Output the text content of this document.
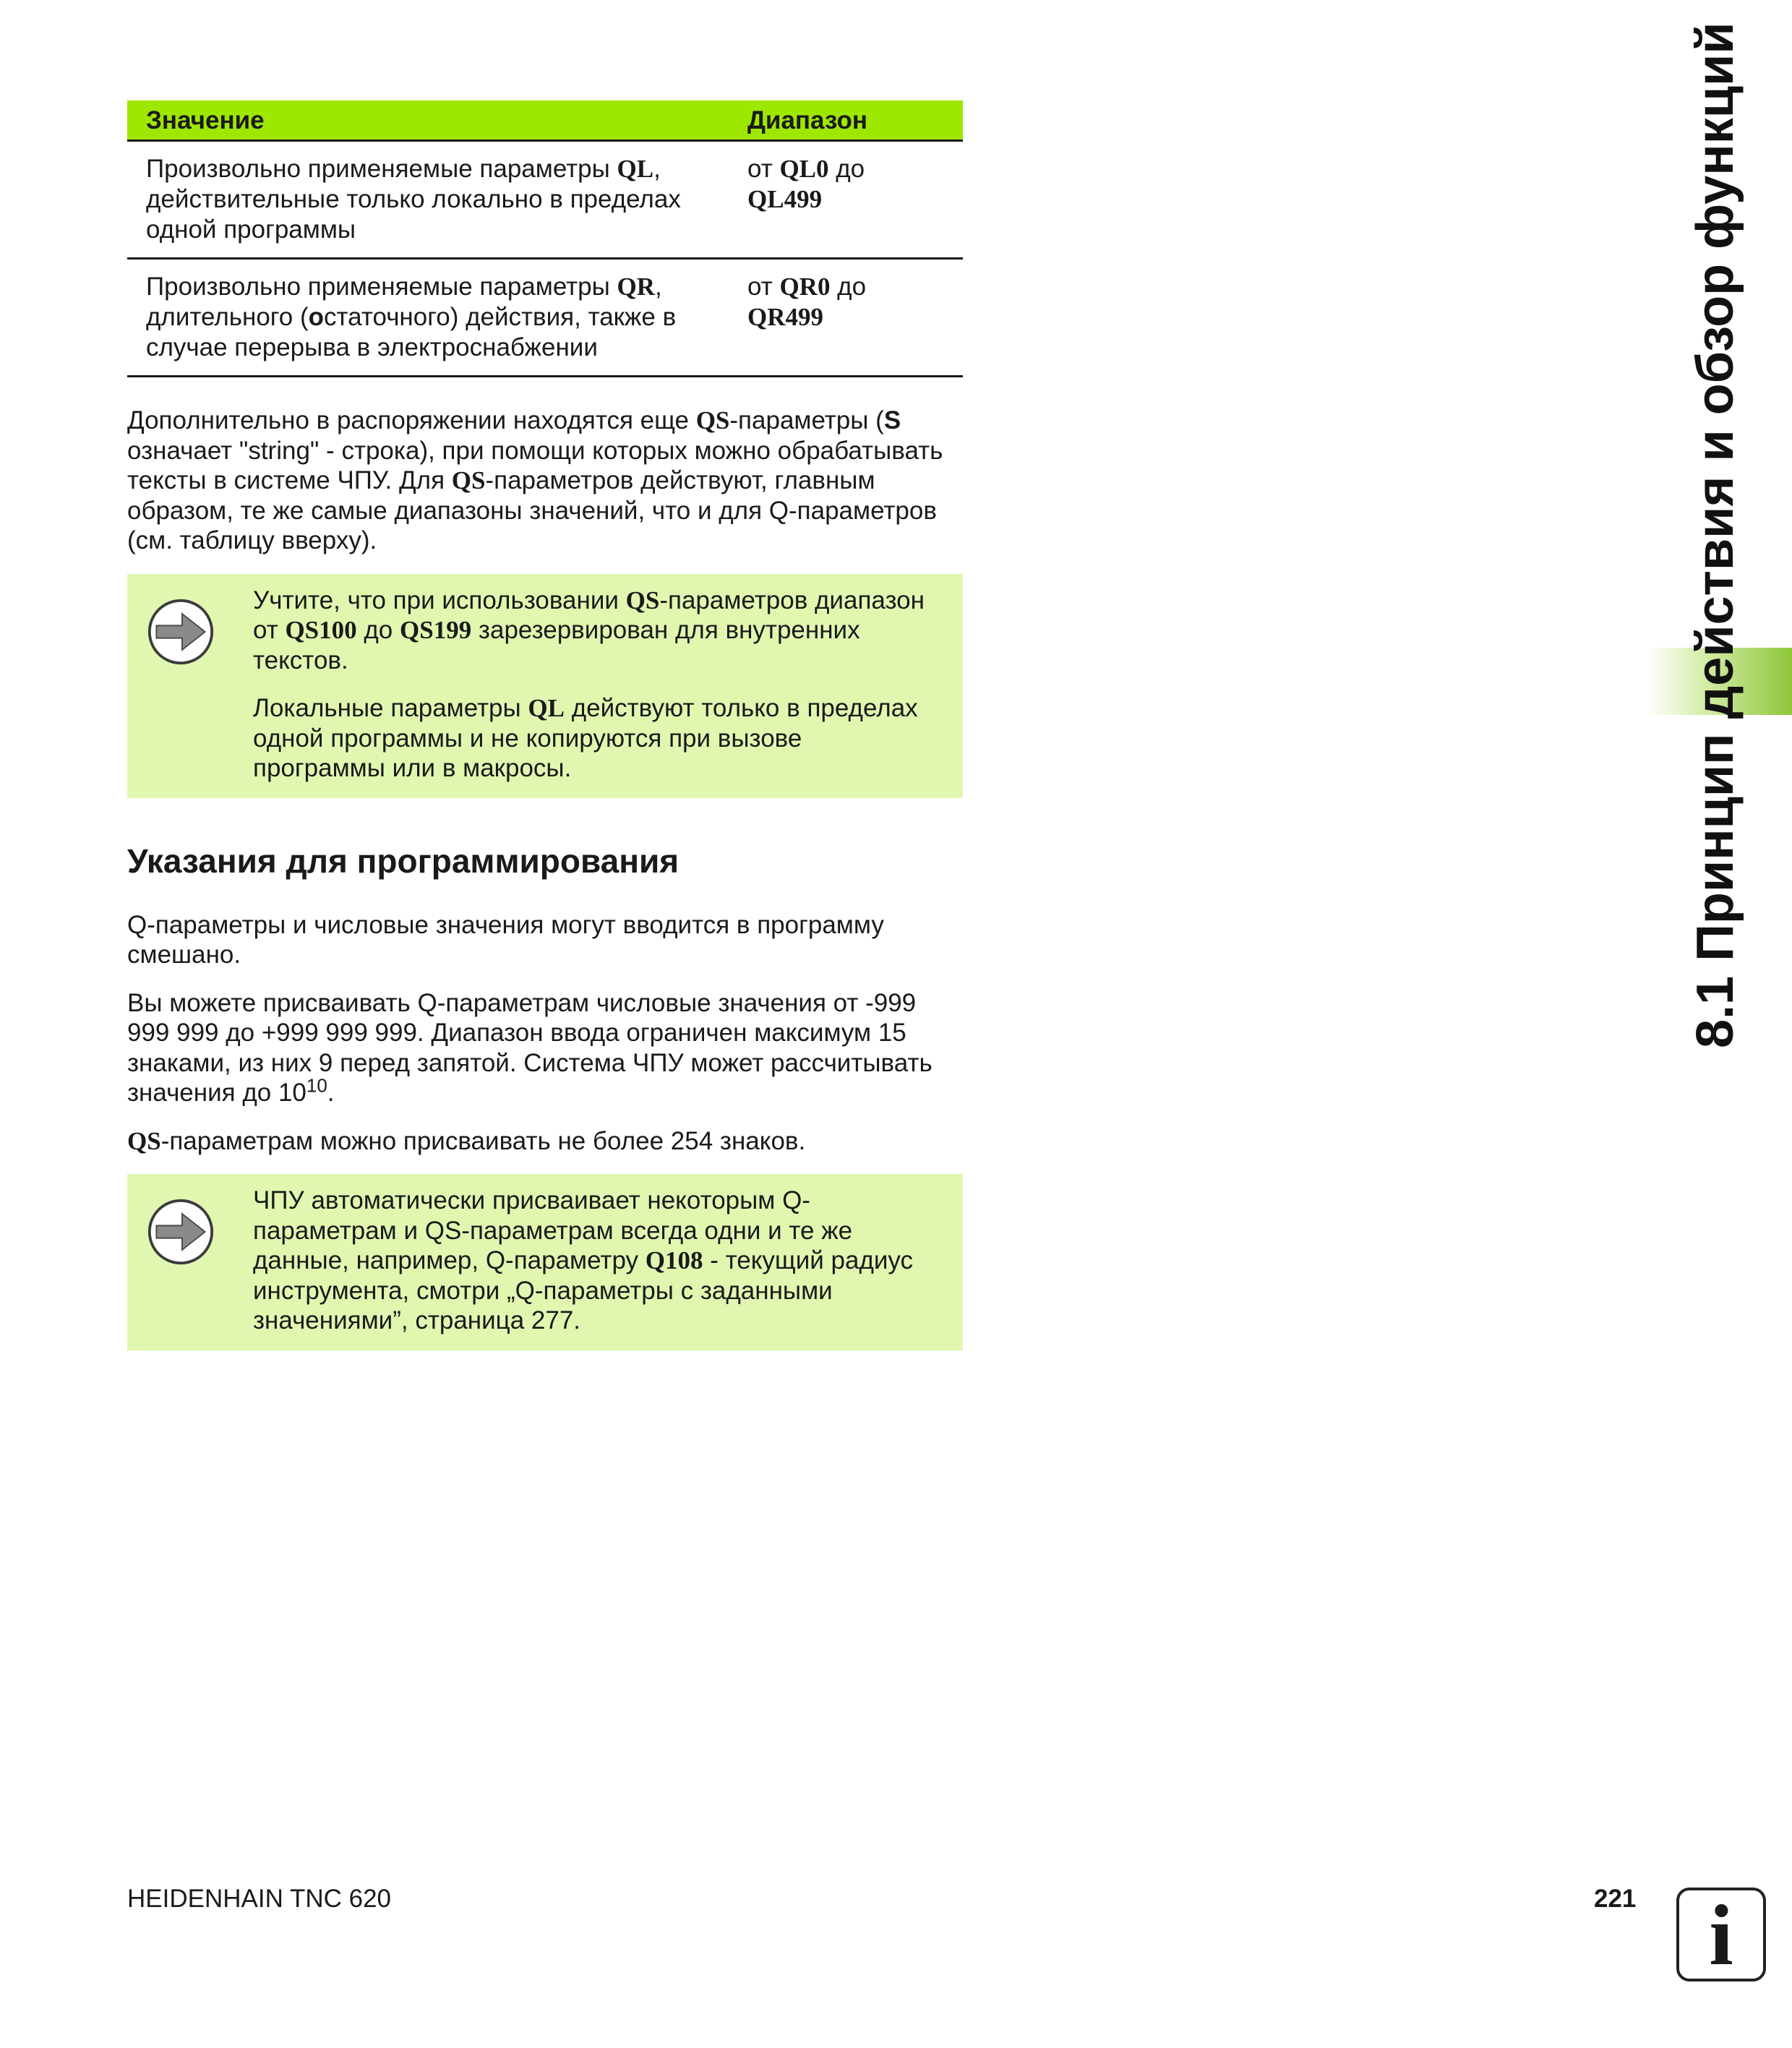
Значение	Диапазон
Произвольно применяемые параметры QL, действительные только локально в пределах одной программы	от QL0 до
QL499
Произвольно применяемые параметры QR, длительного (остаточного) действия, также в случае перерыва в электроснабжении	от QR0 до
QR499

Дополнительно в распоряжении находятся еще QS-параметры (S означает "string" - строка), при помощи которых можно обрабатывать тексты в системе ЧПУ. Для QS-параметров действуют, главным образом, те же самые диапазоны значений, что и для Q-параметров (см. таблицу вверху).

Учтите, что при использовании QS-параметров диапазон от QS100 до QS199 зарезервирован для внутренних текстов.

Локальные параметры QL действуют только в пределах одной программы и не копируются при вызове программы или в макросы.

Указания для программирования

Q-параметры и числовые значения могут вводится в программу смешано.

Вы можете присваивать Q-параметрам числовые значения от -999 999 999 до +999 999 999. Диапазон ввода ограничен максимум 15 знаками, из них 9 перед запятой. Система ЧПУ может рассчитывать значения до $10^{10}$.

QS-параметрам можно присваивать не более 254 знаков.

ЧПУ автоматически присваивает некоторым Q-параметрам и QS-параметрам всегда одни и те же данные, например, Q-параметру Q108 - текущий радиус инструмента, смотри „Q-параметры с заданными значениями”, страница 277.

8.1 Принцип действия и обзор функций
HEIDENHAIN TNC 620	221 i
